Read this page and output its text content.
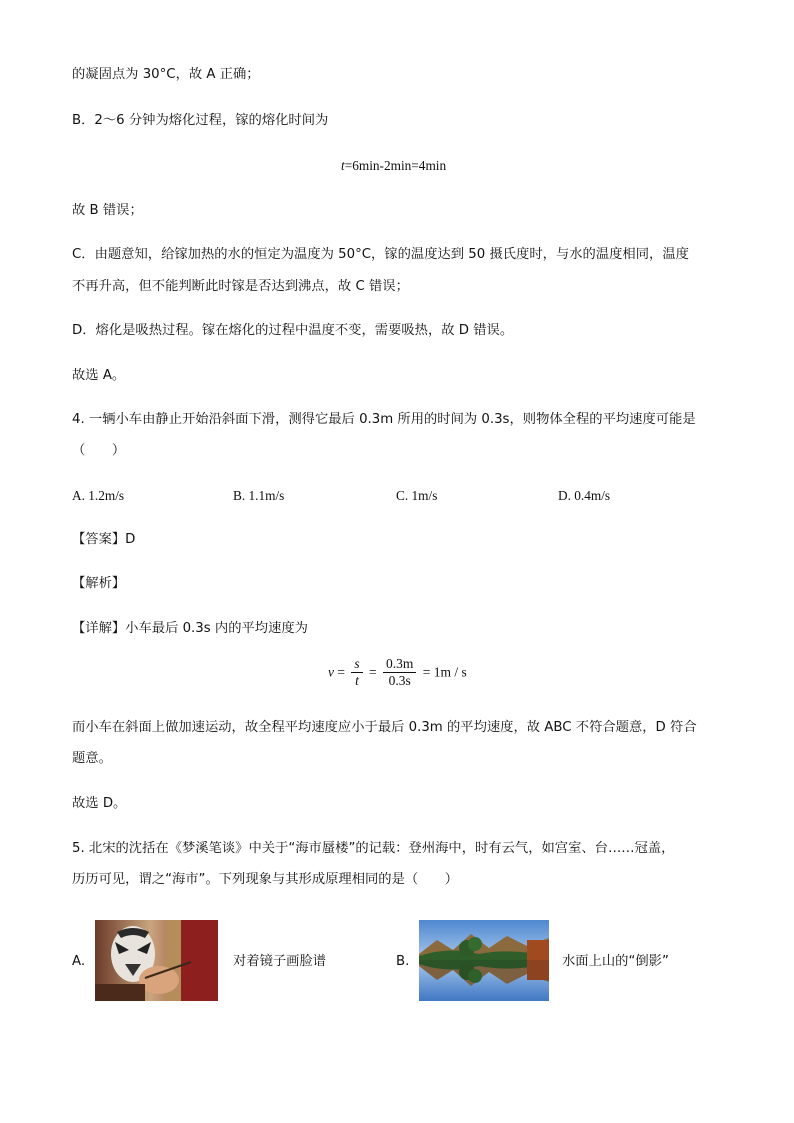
的凝固点为 30°C，故 A 正确；
B．2～6 分钟为熔化过程，镓的熔化时间为
t=6min-2min=4min
故 B 错误；
C．由题意知，给镓加热的水的恒定为温度为 50°C，镓的温度达到 50 摄氏度时，与水的温度相同，温度
不再升高，但不能判断此时镓是否达到沸点，故 C 错误；
D．熔化是吸热过程。镓在熔化的过程中温度不变，需要吸热，故 D 错误。
故选 A。
4. 一辆小车由静止开始沿斜面下滑，测得它最后 0.3m 所用的时间为 0.3s，则物体全程的平均速度可能是
（　　）
A. 1.2m/s	B. 1.1m/s	C. 1m/s	D. 0.4m/s
【答案】D
【解析】
【详解】小车最后 0.3s 内的平均速度为
$v = \frac{s}{t} = \frac{0.3m}{0.3s} = 1m / s$
而小车在斜面上做加速运动，故全程平均速度应小于最后 0.3m 的平均速度，故 ABC 不符合题意，D 符合
题意。
故选 D。
5. 北宋的沈括在《梦溪笔谈》中关于“海市蜃楼”的记载：登州海中，时有云气，如宫室、台……冠盖，
历历可见，谓之“海市”。下列现象与其形成原理相同的是（　　）
A.	对着镜子画脸谱	B.	水面上山的“倒影”
